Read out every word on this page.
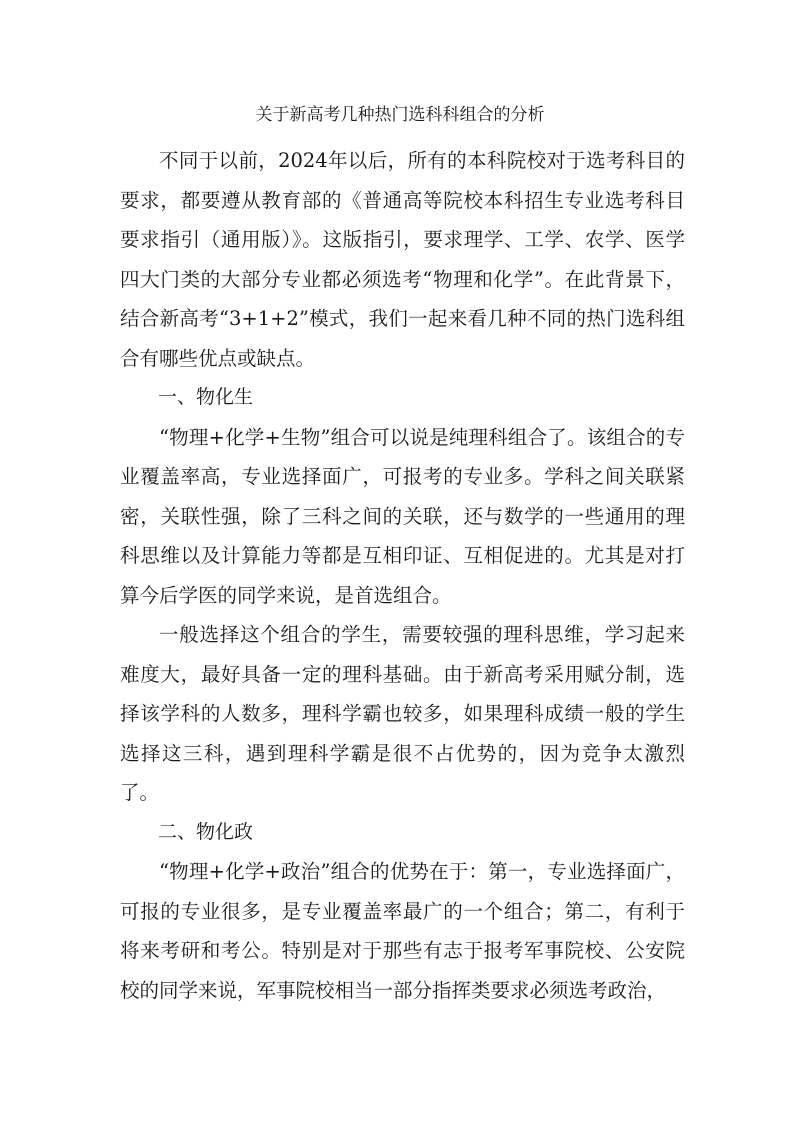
关于新高考几种热门选科科组合的分析

不同于以前，2024年以后，所有的本科院校对于选考科目的要求，都要遵从教育部的《普通高等院校本科招生专业选考科目要求指引（通用版）》。这版指引，要求理学、工学、农学、医学四大门类的大部分专业都必须选考“物理和化学”。在此背景下，结合新高考“3+1+2”模式，我们一起来看几种不同的热门选科组合有哪些优点或缺点。

一、物化生

“物理+化学+生物”组合可以说是纯理科组合了。该组合的专业覆盖率高，专业选择面广，可报考的专业多。学科之间关联紧密，关联性强，除了三科之间的关联，还与数学的一些通用的理科思维以及计算能力等都是互相印证、互相促进的。尤其是对打算今后学医的同学来说，是首选组合。

一般选择这个组合的学生，需要较强的理科思维，学习起来难度大，最好具备一定的理科基础。由于新高考采用赋分制，选择该学科的人数多，理科学霸也较多，如果理科成绩一般的学生选择这三科，遇到理科学霸是很不占优势的，因为竞争太激烈了。

二、物化政

“物理+化学+政治”组合的优势在于：第一，专业选择面广，可报的专业很多，是专业覆盖率最广的一个组合；第二，有利于将来考研和考公。特别是对于那些有志于报考军事院校、公安院校的同学来说，军事院校相当一部分指挥类要求必须选考政治，
